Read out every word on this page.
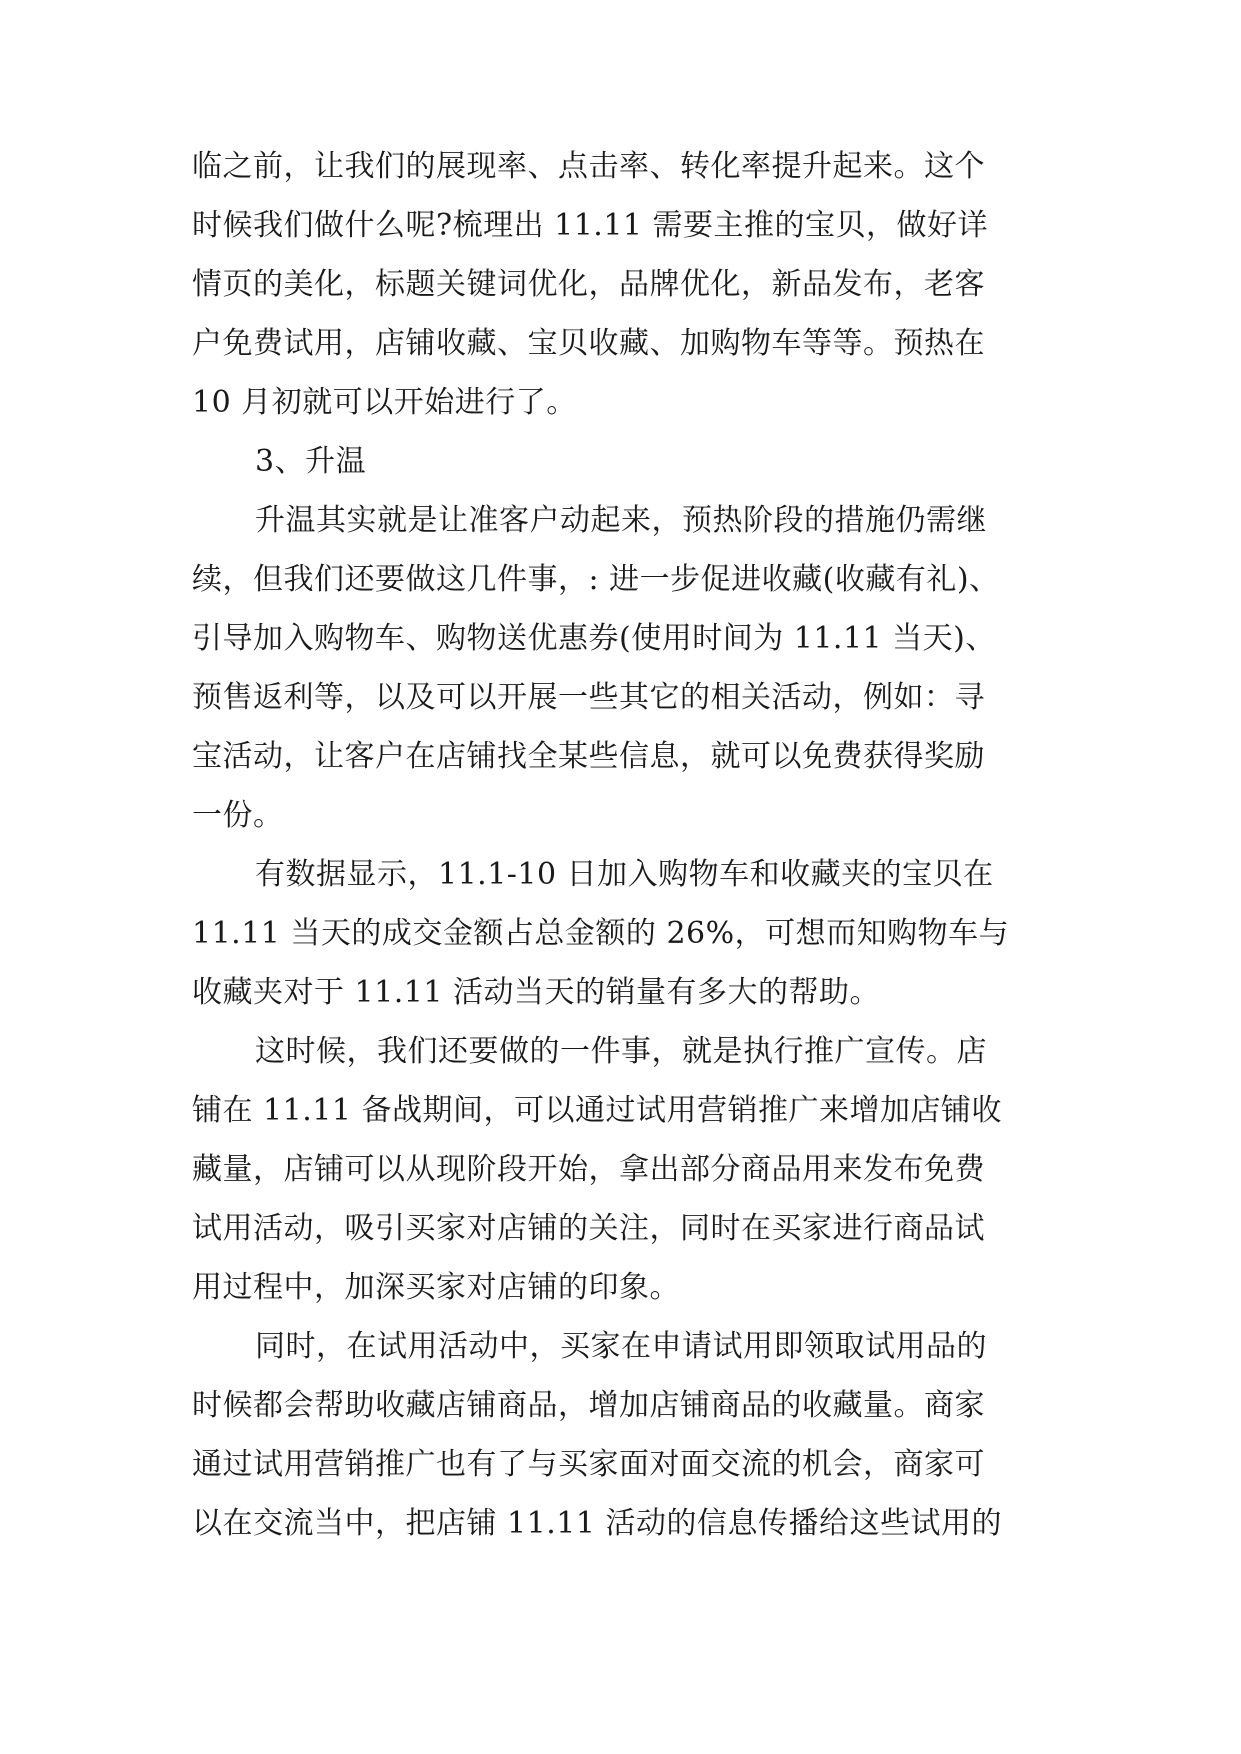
临之前，让我们的展现率、点击率、转化率提升起来。这个
时候我们做什么呢?梳理出 11.11 需要主推的宝贝，做好详
情页的美化，标题关键词优化，品牌优化，新品发布，老客
户免费试用，店铺收藏、宝贝收藏、加购物车等等。预热在
10 月初就可以开始进行了。
3、升温
升温其实就是让准客户动起来，预热阶段的措施仍需继
续，但我们还要做这几件事，: 进一步促进收藏(收藏有礼)、
引导加入购物车、购物送优惠券(使用时间为 11.11 当天)、
预售返利等，以及可以开展一些其它的相关活动，例如：寻
宝活动，让客户在店铺找全某些信息，就可以免费获得奖励
一份。
有数据显示，11.1-10 日加入购物车和收藏夹的宝贝在
11.11 当天的成交金额占总金额的 26%，可想而知购物车与
收藏夹对于 11.11 活动当天的销量有多大的帮助。
这时候，我们还要做的一件事，就是执行推广宣传。店
铺在 11.11 备战期间，可以通过试用营销推广来增加店铺收
藏量，店铺可以从现阶段开始，拿出部分商品用来发布免费
试用活动，吸引买家对店铺的关注，同时在买家进行商品试
用过程中，加深买家对店铺的印象。
同时，在试用活动中，买家在申请试用即领取试用品的
时候都会帮助收藏店铺商品，增加店铺商品的收藏量。商家
通过试用营销推广也有了与买家面对面交流的机会，商家可
以在交流当中，把店铺 11.11 活动的信息传播给这些试用的
